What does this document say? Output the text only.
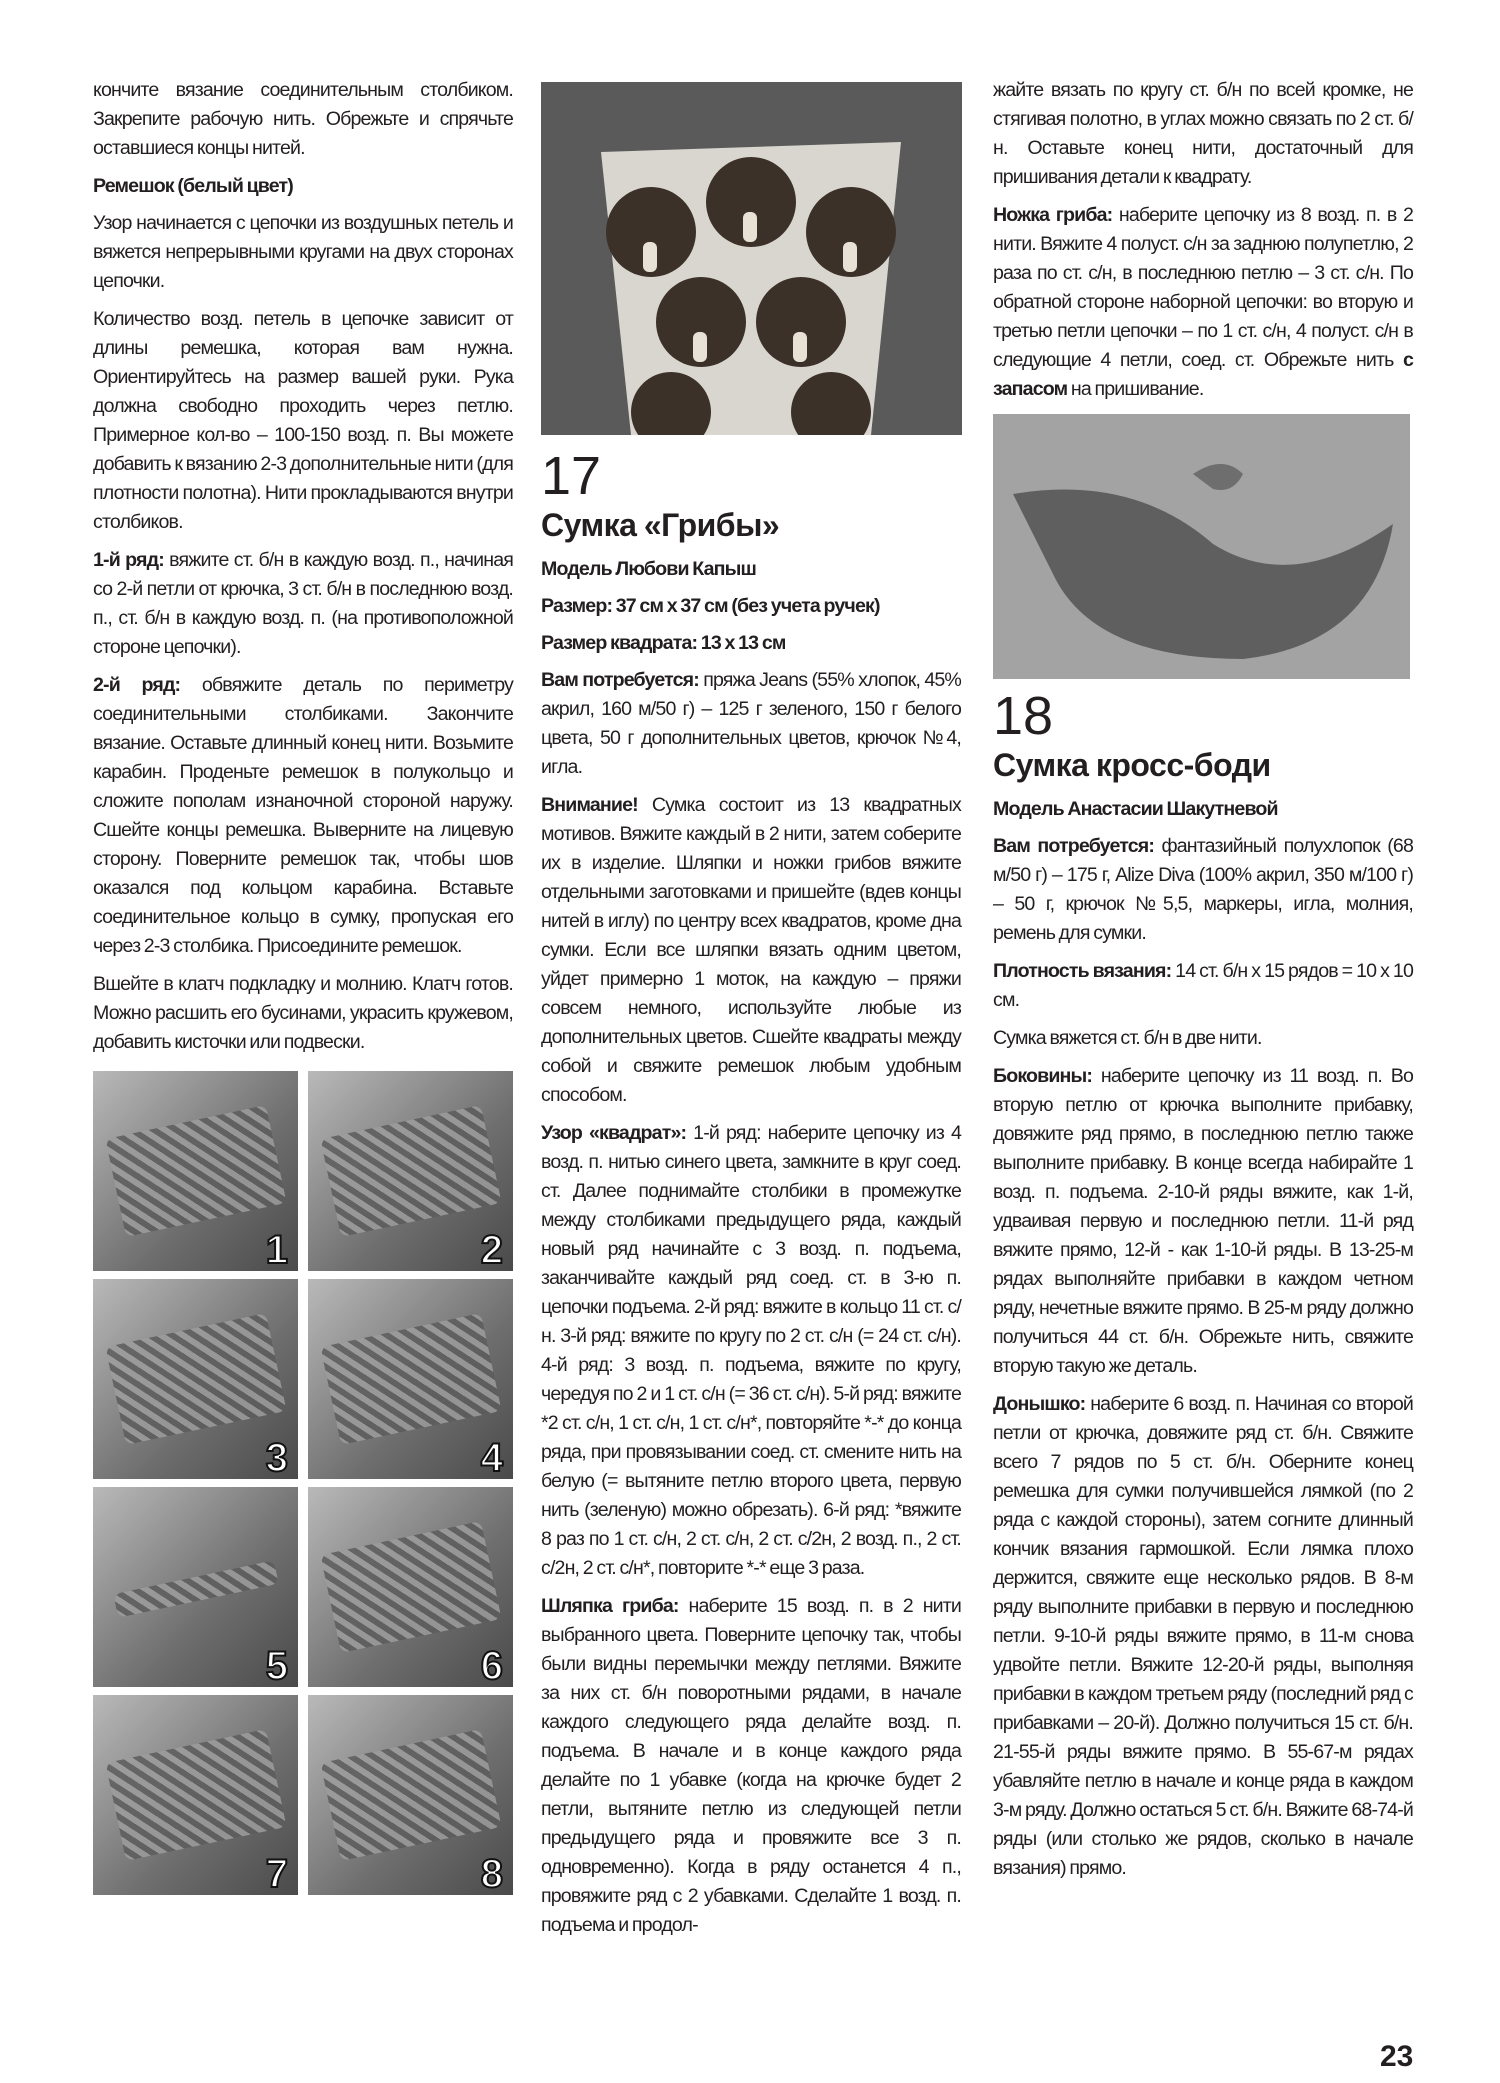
кончите вязание соединительным столбиком. Закрепите рабочую нить. Обрежьте и спрячьте оставшиеся концы нитей.

Ремешок (белый цвет)

Узор начинается с цепочки из воздушных петель и вяжется непрерывными кругами на двух сторонах цепочки.

Количество возд. петель в цепочке зависит от длины ремешка, которая вам нужна. Ориентируйтесь на размер вашей руки. Рука должна свободно проходить через петлю. Примерное кол-во – 100-150 возд. п. Вы можете добавить к вязанию 2-3 дополнительные нити (для плотности полотна). Нити прокладываются внутри столбиков.

1-й ряд: вяжите ст. б/н в каждую возд. п., начиная со 2-й петли от крючка, 3 ст. б/н в последнюю возд. п., ст. б/н в каждую возд. п. (на противоположной стороне цепочки).

2-й ряд: обвяжите деталь по периметру соединительными столбиками. Закончите вязание. Оставьте длинный конец нити. Возьмите карабин. Проденьте ремешок в полукольцо и сложите пополам изнаночной стороной наружу. Сшейте концы ремешка. Выверните на лицевую сторону. Поверните ремешок так, чтобы шов оказался под кольцом карабина. Вставьте соединительное кольцо в сумку, пропуская его через 2-3 столбика. Присоедините ремешок.

Вшейте в клатч подкладку и молнию. Клатч готов. Можно расшить его бусинами, украсить кружевом, добавить кисточки или подвески.

1	2
3	4
5	6
7	8
17
Сумка «Грибы»
Модель Любови Капыш
Размер: 37 см х 37 см (без учета ручек)
Размер квадрата: 13 х 13 см

Вам потребуется: пряжа Jeans (55% хлопок, 45% акрил, 160 м/50 г) – 125 г зеленого, 150 г белого цвета, 50 г дополнительных цветов, крючок №4, игла.

Внимание! Сумка состоит из 13 квадратных мотивов. Вяжите каждый в 2 нити, затем соберите их в изделие. Шляпки и ножки грибов вяжите отдельными заготовками и пришейте (вдев концы нитей в иглу) по центру всех квадратов, кроме дна сумки. Если все шляпки вязать одним цветом, уйдет примерно 1 моток, на каждую – пряжи совсем немного, используйте любые из дополнительных цветов. Сшейте квадраты между собой и свяжите ремешок любым удобным способом.

Узор «квадрат»: 1-й ряд: наберите цепочку из 4 возд. п. нитью синего цвета, замкните в круг соед. ст. Далее поднимайте столбики в промежутке между столбиками предыдущего ряда, каждый новый ряд начинайте с 3 возд. п. подъема, заканчивайте каждый ряд соед. ст. в 3-ю п. цепочки подъема. 2-й ряд: вяжите в кольцо 11 ст. с/н. 3-й ряд: вяжите по кругу по 2 ст. с/н (= 24 ст. с/н). 4-й ряд: 3 возд. п. подъема, вяжите по кругу, чередуя по 2 и 1 ст. с/н (= 36 ст. с/н). 5-й ряд: вяжите *2 ст. с/н, 1 ст. с/н, 1 ст. с/н*, повторяйте *-* до конца ряда, при провязывании соед. ст. смените нить на белую (= вытяните петлю второго цвета, первую нить (зеленую) можно обрезать). 6-й ряд: *вяжите 8 раз по 1 ст. с/н, 2 ст. с/н, 2 ст. с/2н, 2 возд. п., 2 ст. с/2н, 2 ст. с/н*, повторите *-* еще 3 раза.

Шляпка гриба: наберите 15 возд. п. в 2 нити выбранного цвета. Поверните цепочку так, чтобы были видны перемычки между петлями. Вяжите за них ст. б/н поворотными рядами, в начале каждого следующего ряда делайте возд. п. подъема. В начале и в конце каждого ряда делайте по 1 убавке (когда на крючке будет 2 петли, вытяните петлю из следующей петли предыдущего ряда и провяжите все 3 п. одновременно). Когда в ряду останется 4 п., провяжите ряд с 2 убавками. Сделайте 1 возд. п. подъема и продол-

жайте вязать по кругу ст. б/н по всей кромке, не стягивая полотно, в углах можно связать по 2 ст. б/н. Оставьте конец нити, достаточный для пришивания детали к квадрату.

Ножка гриба: наберите цепочку из 8 возд. п. в 2 нити. Вяжите 4 полуст. с/н за заднюю полупетлю, 2 раза по ст. с/н, в последнюю петлю – 3 ст. с/н. По обратной стороне наборной цепочки: во вторую и третью петли цепочки – по 1 ст. с/н, 4 полуст. с/н в следующие 4 петли, соед. ст. Обрежьте нить с запасом на пришивание.

18
Сумка кросс-боди
Модель Анастасии Шакутневой

Вам потребуется: фантазийный полухлопок (68 м/50 г) – 175 г, Alize Diva (100% акрил, 350 м/100 г) – 50 г, крючок №5,5, маркеры, игла, молния, ремень для сумки.

Плотность вязания: 14 ст. б/н х 15 рядов = 10 х 10 см.

Сумка вяжется ст. б/н в две нити.

Боковины: наберите цепочку из 11 возд. п. Во вторую петлю от крючка выполните прибавку, довяжите ряд прямо, в последнюю петлю также выполните прибавку. В конце всегда набирайте 1 возд. п. подъема. 2-10-й ряды вяжите, как 1-й, удваивая первую и последнюю петли. 11-й ряд вяжите прямо, 12-й - как 1-10-й ряды. В 13-25-м рядах выполняйте прибавки в каждом четном ряду, нечетные вяжите прямо. В 25-м ряду должно получиться 44 ст. б/н. Обрежьте нить, свяжите вторую такую же деталь.

Донышко: наберите 6 возд. п. Начиная со второй петли от крючка, довяжите ряд ст. б/н. Свяжите всего 7 рядов по 5 ст. б/н. Оберните конец ремешка для сумки получившейся лямкой (по 2 ряда с каждой стороны), затем согните длинный кончик вязания гармошкой. Если лямка плохо держится, свяжите еще несколько рядов. В 8-м ряду выполните прибавки в первую и последнюю петли. 9-10-й ряды вяжите прямо, в 11-м снова удвойте петли. Вяжите 12-20-й ряды, выполняя прибавки в каждом третьем ряду (последний ряд с прибавками – 20-й). Должно получиться 15 ст. б/н. 21-55-й ряды вяжите прямо. В 55-67-м рядах убавляйте петлю в начале и конце ряда в каждом 3-м ряду. Должно остаться 5 ст. б/н. Вяжите 68-74-й ряды (или столько же рядов, сколько в начале вязания) прямо.

23
